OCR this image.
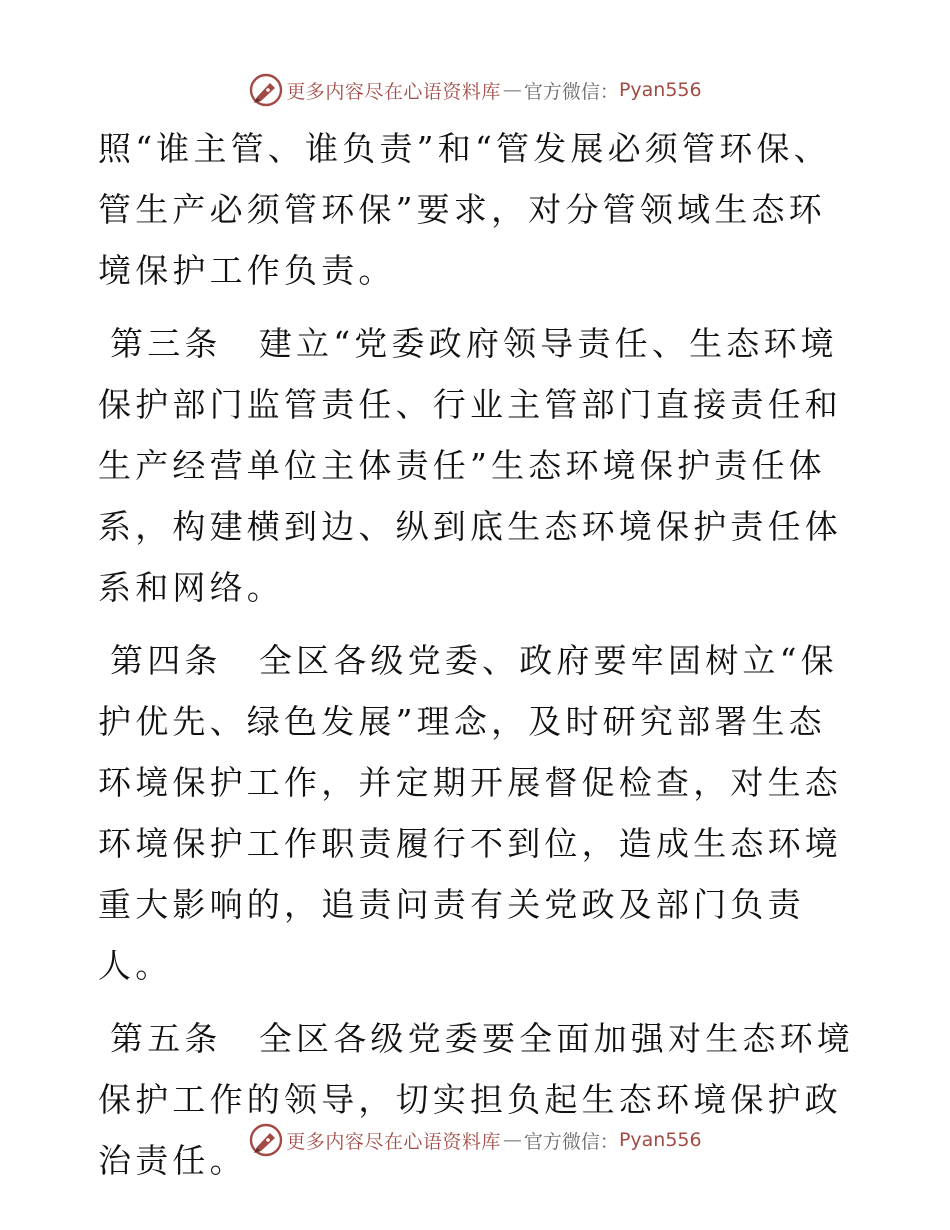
更多内容尽在心语资料库 — 官方微信： Pyan556

照“谁主管、谁负责”和“管发展必须管环保、管生产必须管环保”要求，对分管领域生态环境保护工作负责。

第三条  建立“党委政府领导责任、生态环境保护部门监管责任、行业主管部门直接责任和生产经营单位主体责任”生态环境保护责任体系，构建横到边、纵到底生态环境保护责任体系和网络。

第四条  全区各级党委、政府要牢固树立“保护优先、绿色发展”理念，及时研究部署生态环境保护工作，并定期开展督促检查，对生态环境保护工作职责履行不到位，造成生态环境重大影响的，追责问责有关党政及部门负责人。

第五条  全区各级党委要全面加强对生态环境保护工作的领导，切实担负起生态环境保护政治责任。	更多内容尽在心语资料库 — 官方微信： Pyan556
